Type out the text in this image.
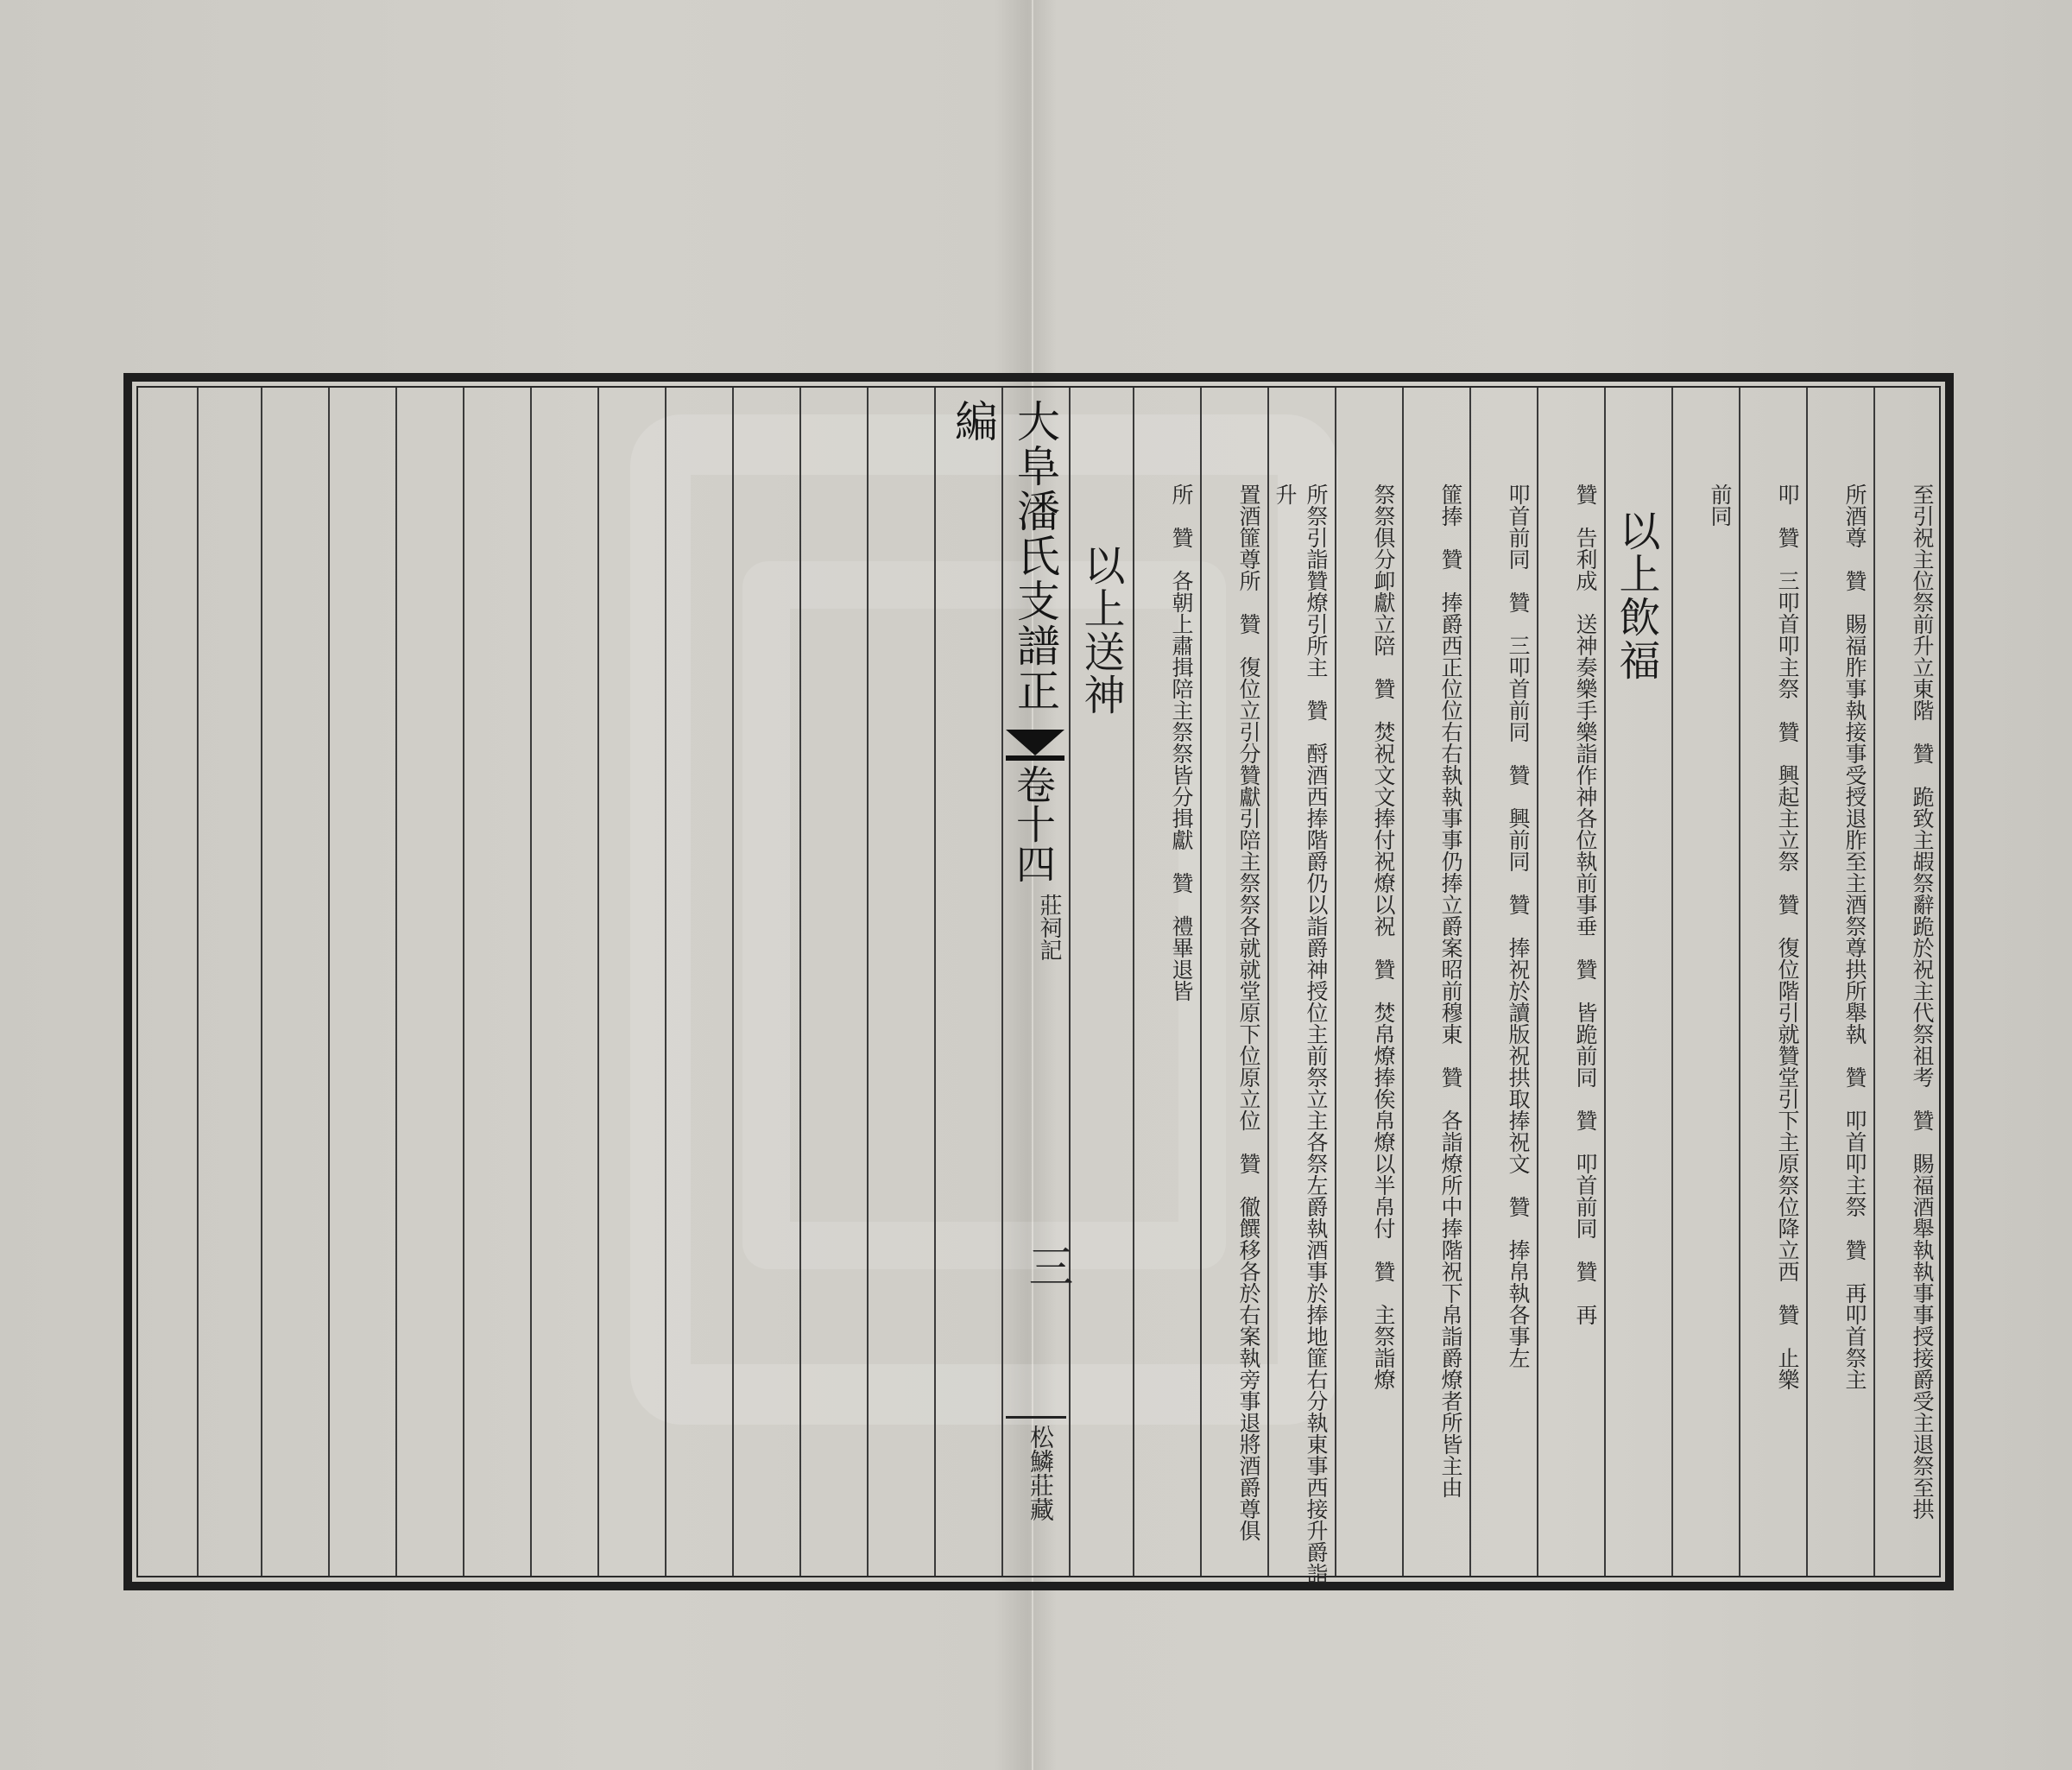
大阜潘氏支譜正編
卷十四
莊祠記
三
松鱗莊藏	至引祝主位祭前升立東階　贊　跪致主嘏祭辭跪於祝主代祭祖考　贊　賜福酒舉執執事事授接爵受主退祭至拱
所酒尊　贊　賜福胙事執接事受授退胙至主酒祭尊拱所舉執　贊　叩首叩主祭　贊　再叩首祭主
叩　贊　三叩首叩主祭　贊　興起主立祭　贊　復位階引就贊堂引下主原祭位降立西　贊　止樂
前同
以上飲福
贊　告利成　送神奏樂手樂詣作神各位執前事垂　贊　皆跪前同　贊　叩首前同　贊　再
叩首前同　贊　三叩首前同　贊　興前同　贊　捧祝於讀版祝拱取捧祝文　贊　捧帛執各事左
篚捧　贊　捧爵西正位位右右執執事事仍捧立爵案昭前穆東　贊　各詣燎所中捧階祝下帛詣爵燎者所皆主由
祭祭俱分卹獻立陪　贊　焚祝文文捧付祝燎以祝　贊　焚帛燎捧俟帛燎以半帛付　贊　主祭詣燎
所祭引詣贊燎引所主　贊　酹酒西捧階爵仍以詣爵神授位主前祭立主各祭左爵執酒事於捧地篚右分執東事西接升爵詣升
置酒篚尊所　贊　復位立引分贊獻引陪主祭祭各就就堂原下位原立位　贊　徹饌移各於右案執旁事退將酒爵尊俱
所　贊　各朝上肅揖陪主祭祭皆分揖獻　贊　禮畢退皆
以上送神
